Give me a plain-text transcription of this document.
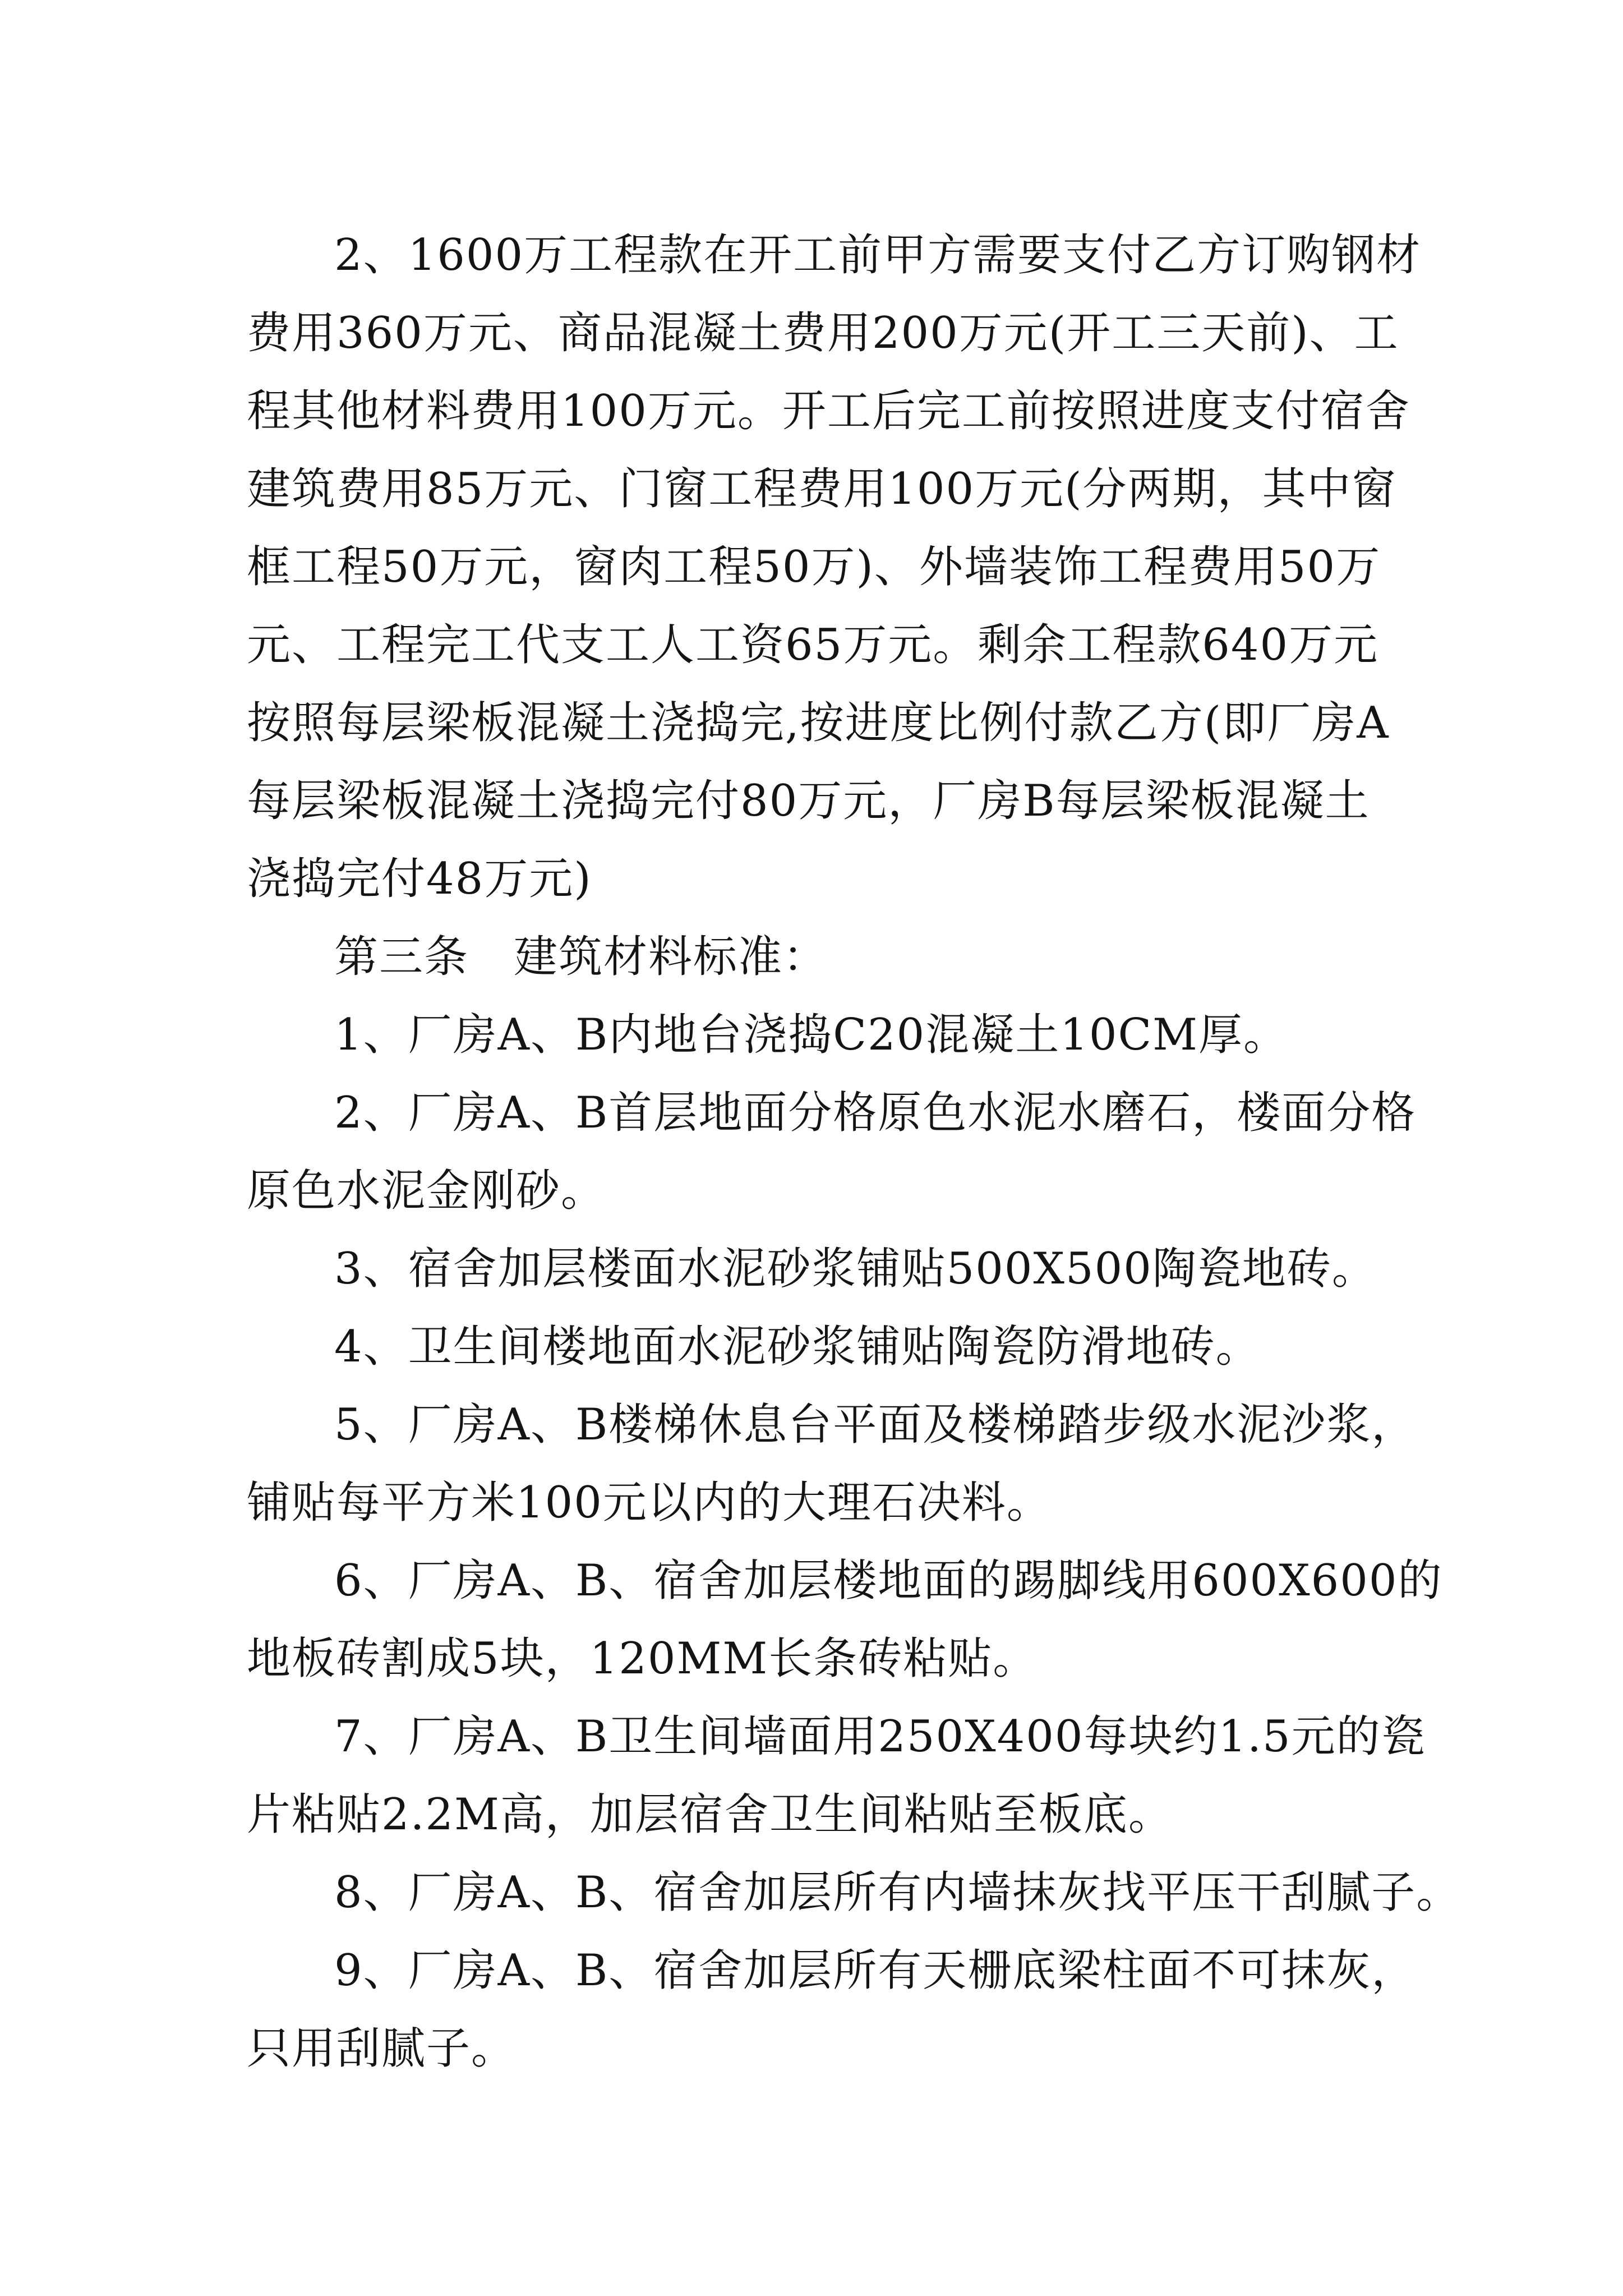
2、1600万工程款在开工前甲方需要支付乙方订购钢材
费用360万元、商品混凝土费用200万元(开工三天前)、工
程其他材料费用100万元。开工后完工前按照进度支付宿舍
建筑费用85万元、门窗工程费用100万元(分两期，其中窗
框工程50万元，窗肉工程50万)、外墙装饰工程费用50万
元、工程完工代支工人工资65万元。剩余工程款640万元
按照每层梁板混凝土浇捣完,按进度比例付款乙方(即厂房A
每层梁板混凝土浇捣完付80万元，厂房B每层梁板混凝土
浇捣完付48万元)
第三条　建筑材料标准：
1、厂房A、B内地台浇捣C20混凝土10CM厚。
2、厂房A、B首层地面分格原色水泥水磨石，楼面分格
原色水泥金刚砂。
3、宿舍加层楼面水泥砂浆铺贴500X500陶瓷地砖。
4、卫生间楼地面水泥砂浆铺贴陶瓷防滑地砖。
5、厂房A、B楼梯休息台平面及楼梯踏步级水泥沙浆，
铺贴每平方米100元以内的大理石决料。
6、厂房A、B、宿舍加层楼地面的踢脚线用600X600的
地板砖割成5块，120MM长条砖粘贴。
7、厂房A、B卫生间墙面用250X400每块约1.5元的瓷
片粘贴2.2M高，加层宿舍卫生间粘贴至板底。
8、厂房A、B、宿舍加层所有内墙抹灰找平压干刮腻子。
9、厂房A、B、宿舍加层所有天栅底梁柱面不可抹灰，
只用刮腻子。
